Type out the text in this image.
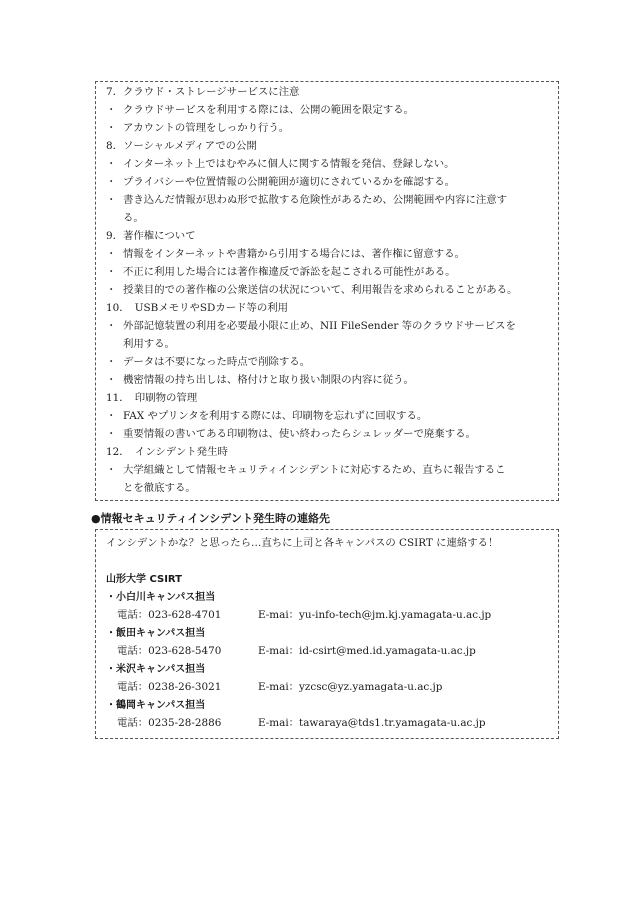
7．クラウド・ストレージサービスに注意
・ クラウドサービスを利用する際には、公開の範囲を限定する。
・ アカウントの管理をしっかり行う。
8．ソーシャルメディアでの公開
・ インターネット上ではむやみに個人に関する情報を発信、登録しない。
・ プライバシーや位置情報の公開範囲が適切にされているかを確認する。
・ 書き込んだ情報が思わぬ形で拡散する危険性があるため、公開範囲や内容に注意す
る。
9．著作権について
・ 情報をインターネットや書籍から引用する場合には、著作権に留意する。
・ 不正に利用した場合には著作権違反で訴訟を起こされる可能性がある。
・ 授業目的での著作権の公衆送信の状況について、利用報告を求められることがある。
10．　USBメモリやSDカード等の利用
・ 外部記憶装置の利用を必要最小限に止め、NII FileSender 等のクラウドサービスを
利用する。
・ データは不要になった時点で削除する。
・ 機密情報の持ち出しは、格付けと取り扱い制限の内容に従う。
11．　印刷物の管理
・ FAX やプリンタを利用する際には、印刷物を忘れずに回収する。
・ 重要情報の書いてある印刷物は、使い終わったらシュレッダーで廃棄する。
12．　インシデント発生時
・ 大学組織として情報セキュリティインシデントに対応するため、直ちに報告するこ
とを徹底する。
●情報セキュリティインシデント発生時の連絡先
インシデントかな？と思ったら…直ちに上司と各キャンパスの CSIRT に連絡する！
山形大学 CSIRT
・小白川キャンパス担当
電話：023-628-4701	E-mai：yu-info-tech@jm.kj.yamagata-u.ac.jp
・飯田キャンパス担当
電話：023-628-5470	E-mai：id-csirt@med.id.yamagata-u.ac.jp
・米沢キャンパス担当
電話：0238-26-3021	E-mai：yzcsc@yz.yamagata-u.ac.jp
・鶴岡キャンパス担当
電話：0235-28-2886	E-mai：tawaraya@tds1.tr.yamagata-u.ac.jp
